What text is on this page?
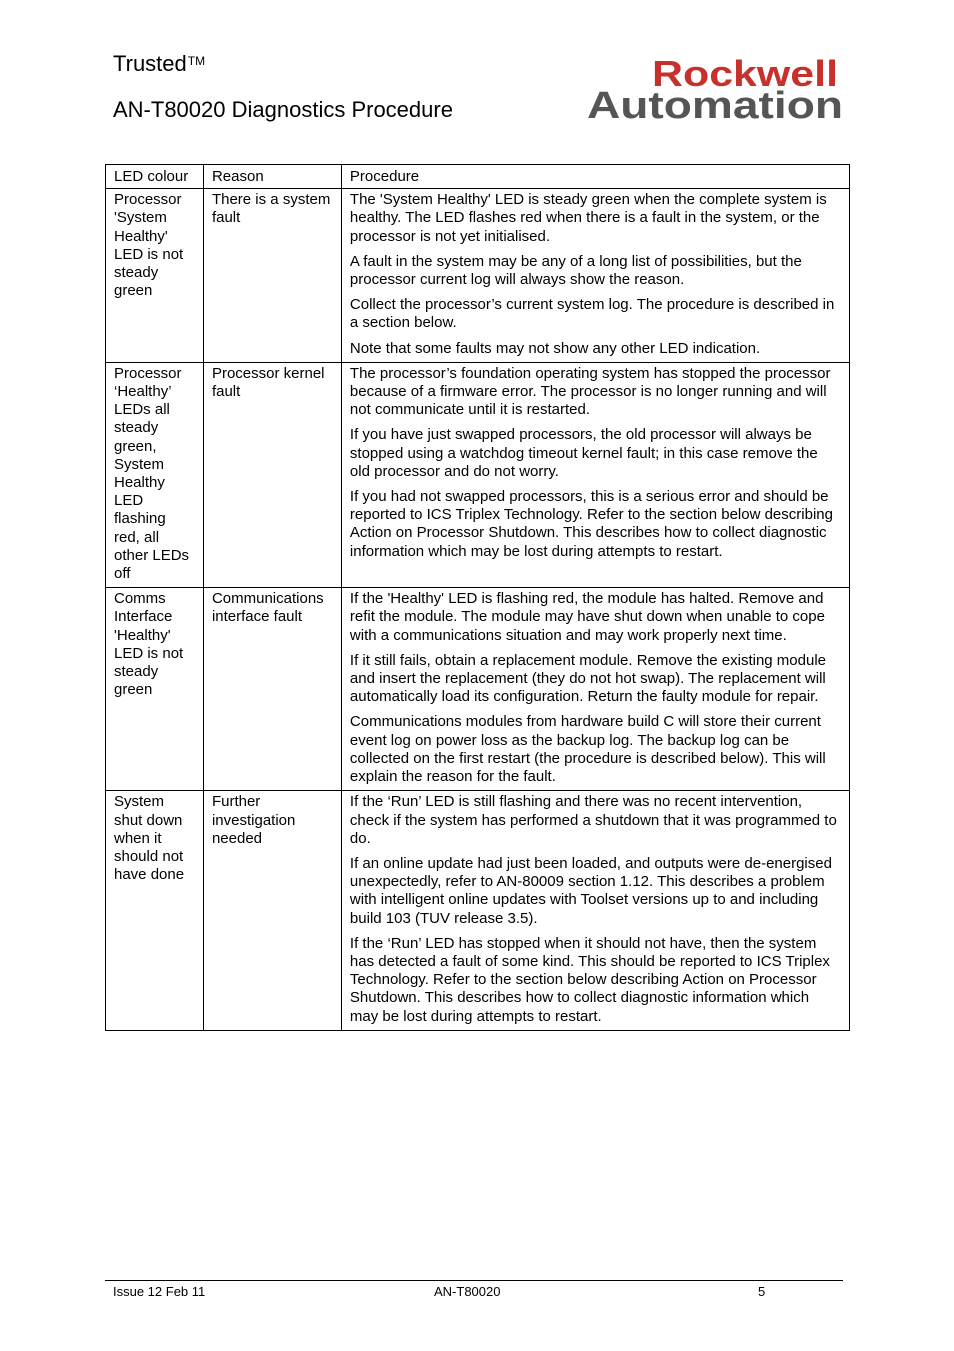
Trusted™
AN-T80020 Diagnostics Procedure
Rockwell
Automation
LED colour	Reason	Procedure
Processor 'System Healthy' LED is not steady green	There is a system fault	The 'System Healthy' LED is steady green when the complete system is healthy. The LED flashes red when there is a fault in the system, or the processor is not yet initialised.

A fault in the system may be any of a long list of possibilities, but the processor current log will always show the reason.

Collect the processor’s current system log. The procedure is described in a section below.

Note that some faults may not show any other LED indication.

Processor ‘Healthy’ LEDs all steady green, System Healthy LED flashing red, all other LEDs off	Processor kernel fault	The processor’s foundation operating system has stopped the processor because of a firmware error. The processor is no longer running and will not communicate until it is restarted.

If you have just swapped processors, the old processor will always be stopped using a watchdog timeout kernel fault; in this case remove the old processor and do not worry.

If you had not swapped processors, this is a serious error and should be reported to ICS Triplex Technology. Refer to the section below describing Action on Processor Shutdown. This describes how to collect diagnostic information which may be lost during attempts to restart.

Comms Interface 'Healthy' LED is not steady green	Communications interface fault	If the 'Healthy' LED is flashing red, the module has halted. Remove and refit the module. The module may have shut down when unable to cope with a communications situation and may work properly next time.

If it still fails, obtain a replacement module. Remove the existing module and insert the replacement (they do not hot swap). The replacement will automatically load its configuration. Return the faulty module for repair.

Communications modules from hardware build C will store their current event log on power loss as the backup log. The backup log can be collected on the first restart (the procedure is described below). This will explain the reason for the fault.

System shut down when it should not have done	Further investigation needed	If the ‘Run’ LED is still flashing and there was no recent intervention, check if the system has performed a shutdown that it was programmed to do.

If an online update had just been loaded, and outputs were de-energised unexpectedly, refer to AN-80009 section 1.12. This describes a problem with intelligent online updates with Toolset versions up to and including build 103 (TUV release 3.5).

If the ‘Run’ LED has stopped when it should not have, then the system has detected a fault of some kind. This should be reported to ICS Triplex Technology. Refer to the section below describing Action on Processor Shutdown. This describes how to collect diagnostic information which may be lost during attempts to restart.

Issue 12 Feb 11	AN-T80020	5
